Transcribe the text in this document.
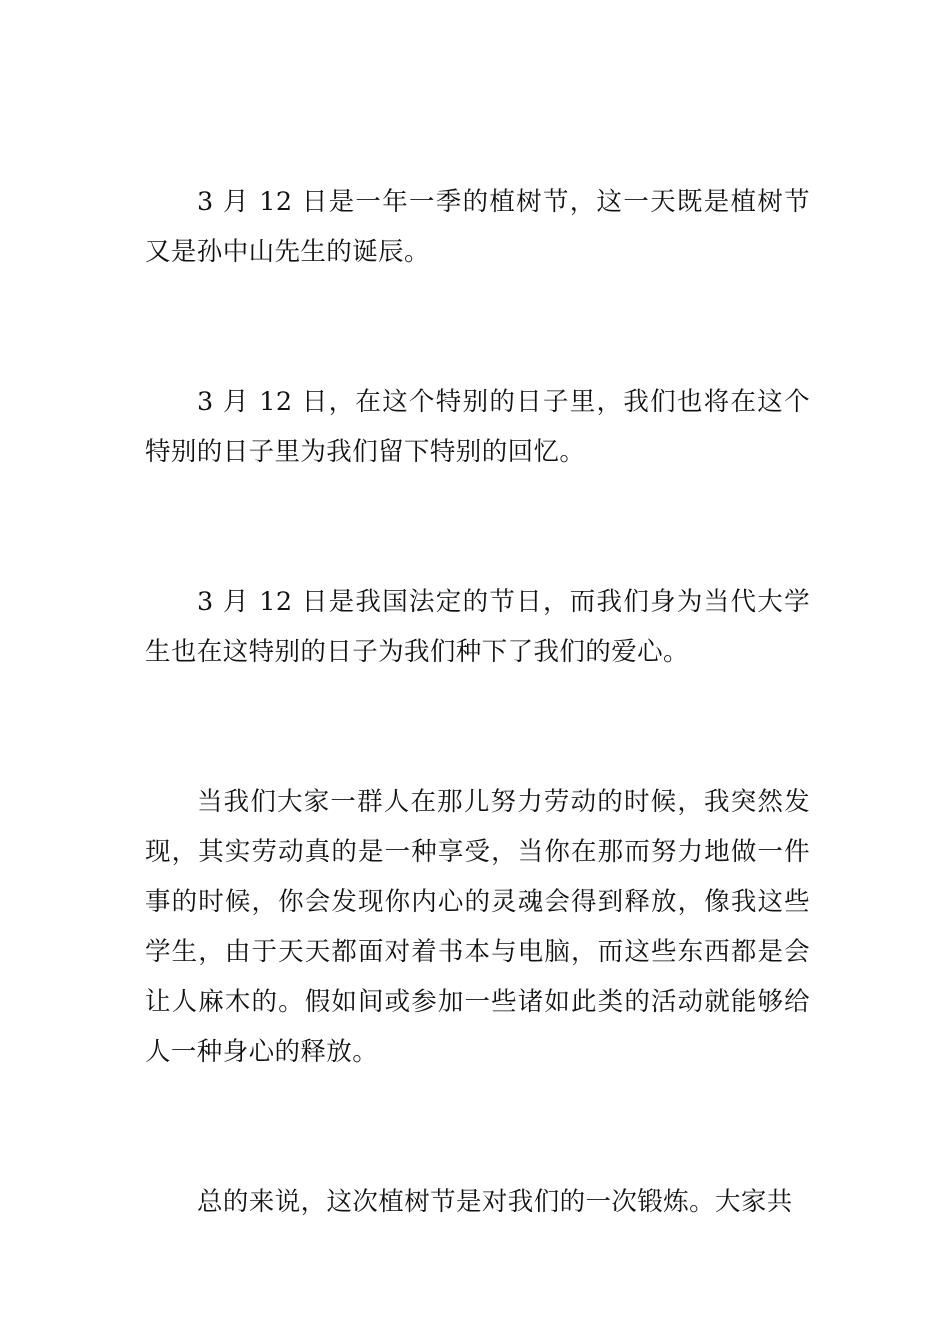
3 月 12 日是一年一季的植树节，这一天既是植树节又是孙中山先生的诞辰。

3 月 12 日，在这个特别的日子里，我们也将在这个特别的日子里为我们留下特别的回忆。

3 月 12 日是我国法定的节日，而我们身为当代大学生也在这特别的日子为我们种下了我们的爱心。

当我们大家一群人在那儿努力劳动的时候，我突然发现，其实劳动真的是一种享受，当你在那而努力地做一件事的时候，你会发现你内心的灵魂会得到释放，像我这些学生，由于天天都面对着书本与电脑，而这些东西都是会让人麻木的。假如间或参加一些诸如此类的活动就能够给人一种身心的释放。

总的来说，这次植树节是对我们的一次锻炼。大家共
